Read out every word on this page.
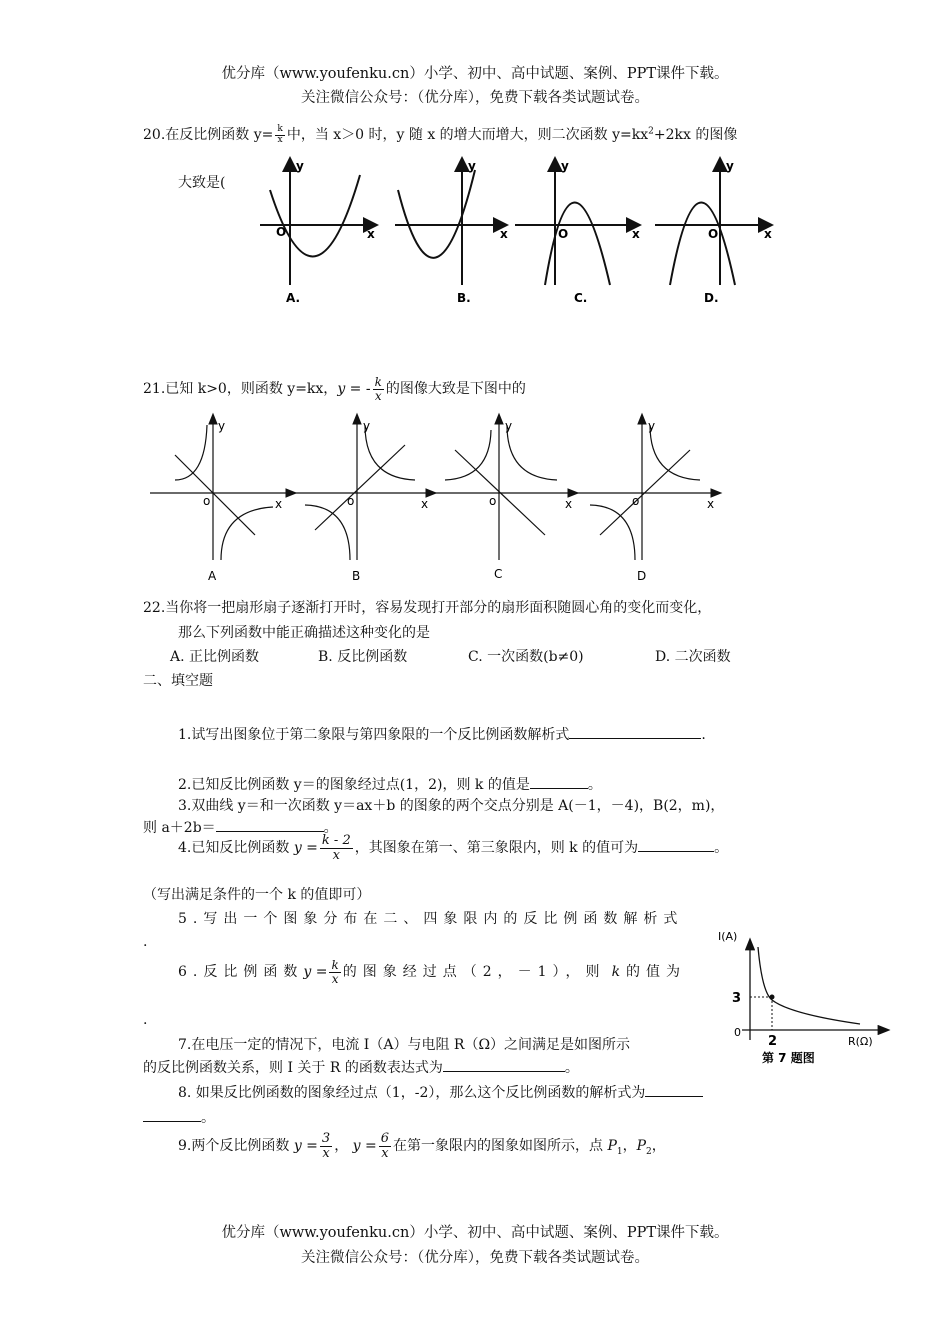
优分库（www.youfenku.cn）小学、初中、高中试题、案例、PPT课件下载。
关注微信公众号：（优分库），免费下载各类试题试卷。
20.在反比例函数 $y= \frac{k}{x}$ 中，当 x＞0 时，y 随 x 的增大而增大，则二次函数 $y=kx^2+2kx$ 的图像
大致是(
y
x
O
A.
y
x
B.
y
x
O
C.
y
x
O
D.
21.已知 k>0，则函数 y=kx，y = - $\frac{k}{x}$ 的图像大致是下图中的
y
x
o
A
y
x
o
B
y
x
o
C
y
x
o
D
22.当你将一把扇形扇子逐渐打开时，容易发现打开部分的扇形面积随圆心角的变化而变化，
那么下列函数中能正确描述这种变化的是
A. 正比例函数	B. 反比例函数	C. 一次函数(b≠0)	D. 二次函数
二、填空题
1.试写出图象位于第二象限与第四象限的一个反比例函数解析式	.
2.已知反比例函数 y＝的图象经过点(1，2)，则 k 的值是	。
3.双曲线 y＝和一次函数 y＝ax＋b 的图象的两个交点分别是 A(－1，－4)，B(2，m)，
则 a＋2b＝	。
4.已知反比例函数 $y = \frac{k - 2}{x}$ ，其图象在第一、第三象限内，则 k 的值可为	。
（写出满足条件的一个 k 的值即可）
5.写出一个图象分布在二、四象限内的反比例函数解析式
.
6.反比例函数$y = \frac{k}{x}$ 的图象经过点（2，－1），则 k 的值为
.
7.在电压一定的情况下，电流 I（A）与电阻 R（Ω）之间满足是如图所示
的反比例函数关系，则 I 关于 R 的函数表达式为	。
I(A)
R(Ω)
0
3
2
第 7 题图
8. 如果反比例函数的图象经过点（1，-2），那么这个反比例函数的解析式为
。
9.两个反比例函数 $y = \frac{3}{x}$ ， $y = \frac{6}{x}$ 在第一象限内的图象如图所示，点 $P_1$，$P_2$，
优分库（www.youfenku.cn）小学、初中、高中试题、案例、PPT课件下载。
关注微信公众号：（优分库），免费下载各类试题试卷。
